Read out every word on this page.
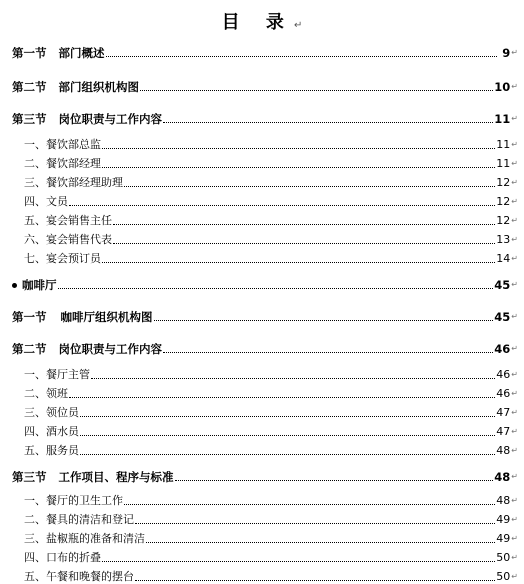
目 录↵
第一节 部门概述	9 ↵
第二节 部门组织机构图	10 ↵
第三节 岗位职责与工作内容	11 ↵
一、餐饮部总监	11 ↵
二、餐饮部经理	11 ↵
三、餐饮部经理助理	12 ↵
四、文员	12 ↵
五、宴会销售主任	12 ↵
六、宴会销售代表	13 ↵
七、宴会预订员	14 ↵
咖啡厅	45 ↵
第一节 咖啡厅组织机构图	45 ↵
第二节 岗位职责与工作内容	46 ↵
一、餐厅主管	46 ↵
二、领班	46 ↵
三、领位员	47 ↵
四、酒水员	47 ↵
五、服务员	48 ↵
第三节 工作项目、程序与标准	48 ↵
一、餐厅的卫生工作	48 ↵
二、餐具的清洁和登记	49 ↵
三、盐椒瓶的准备和清洁	49 ↵
四、口布的折叠	50 ↵
五、午餐和晚餐的摆台	50 ↵
